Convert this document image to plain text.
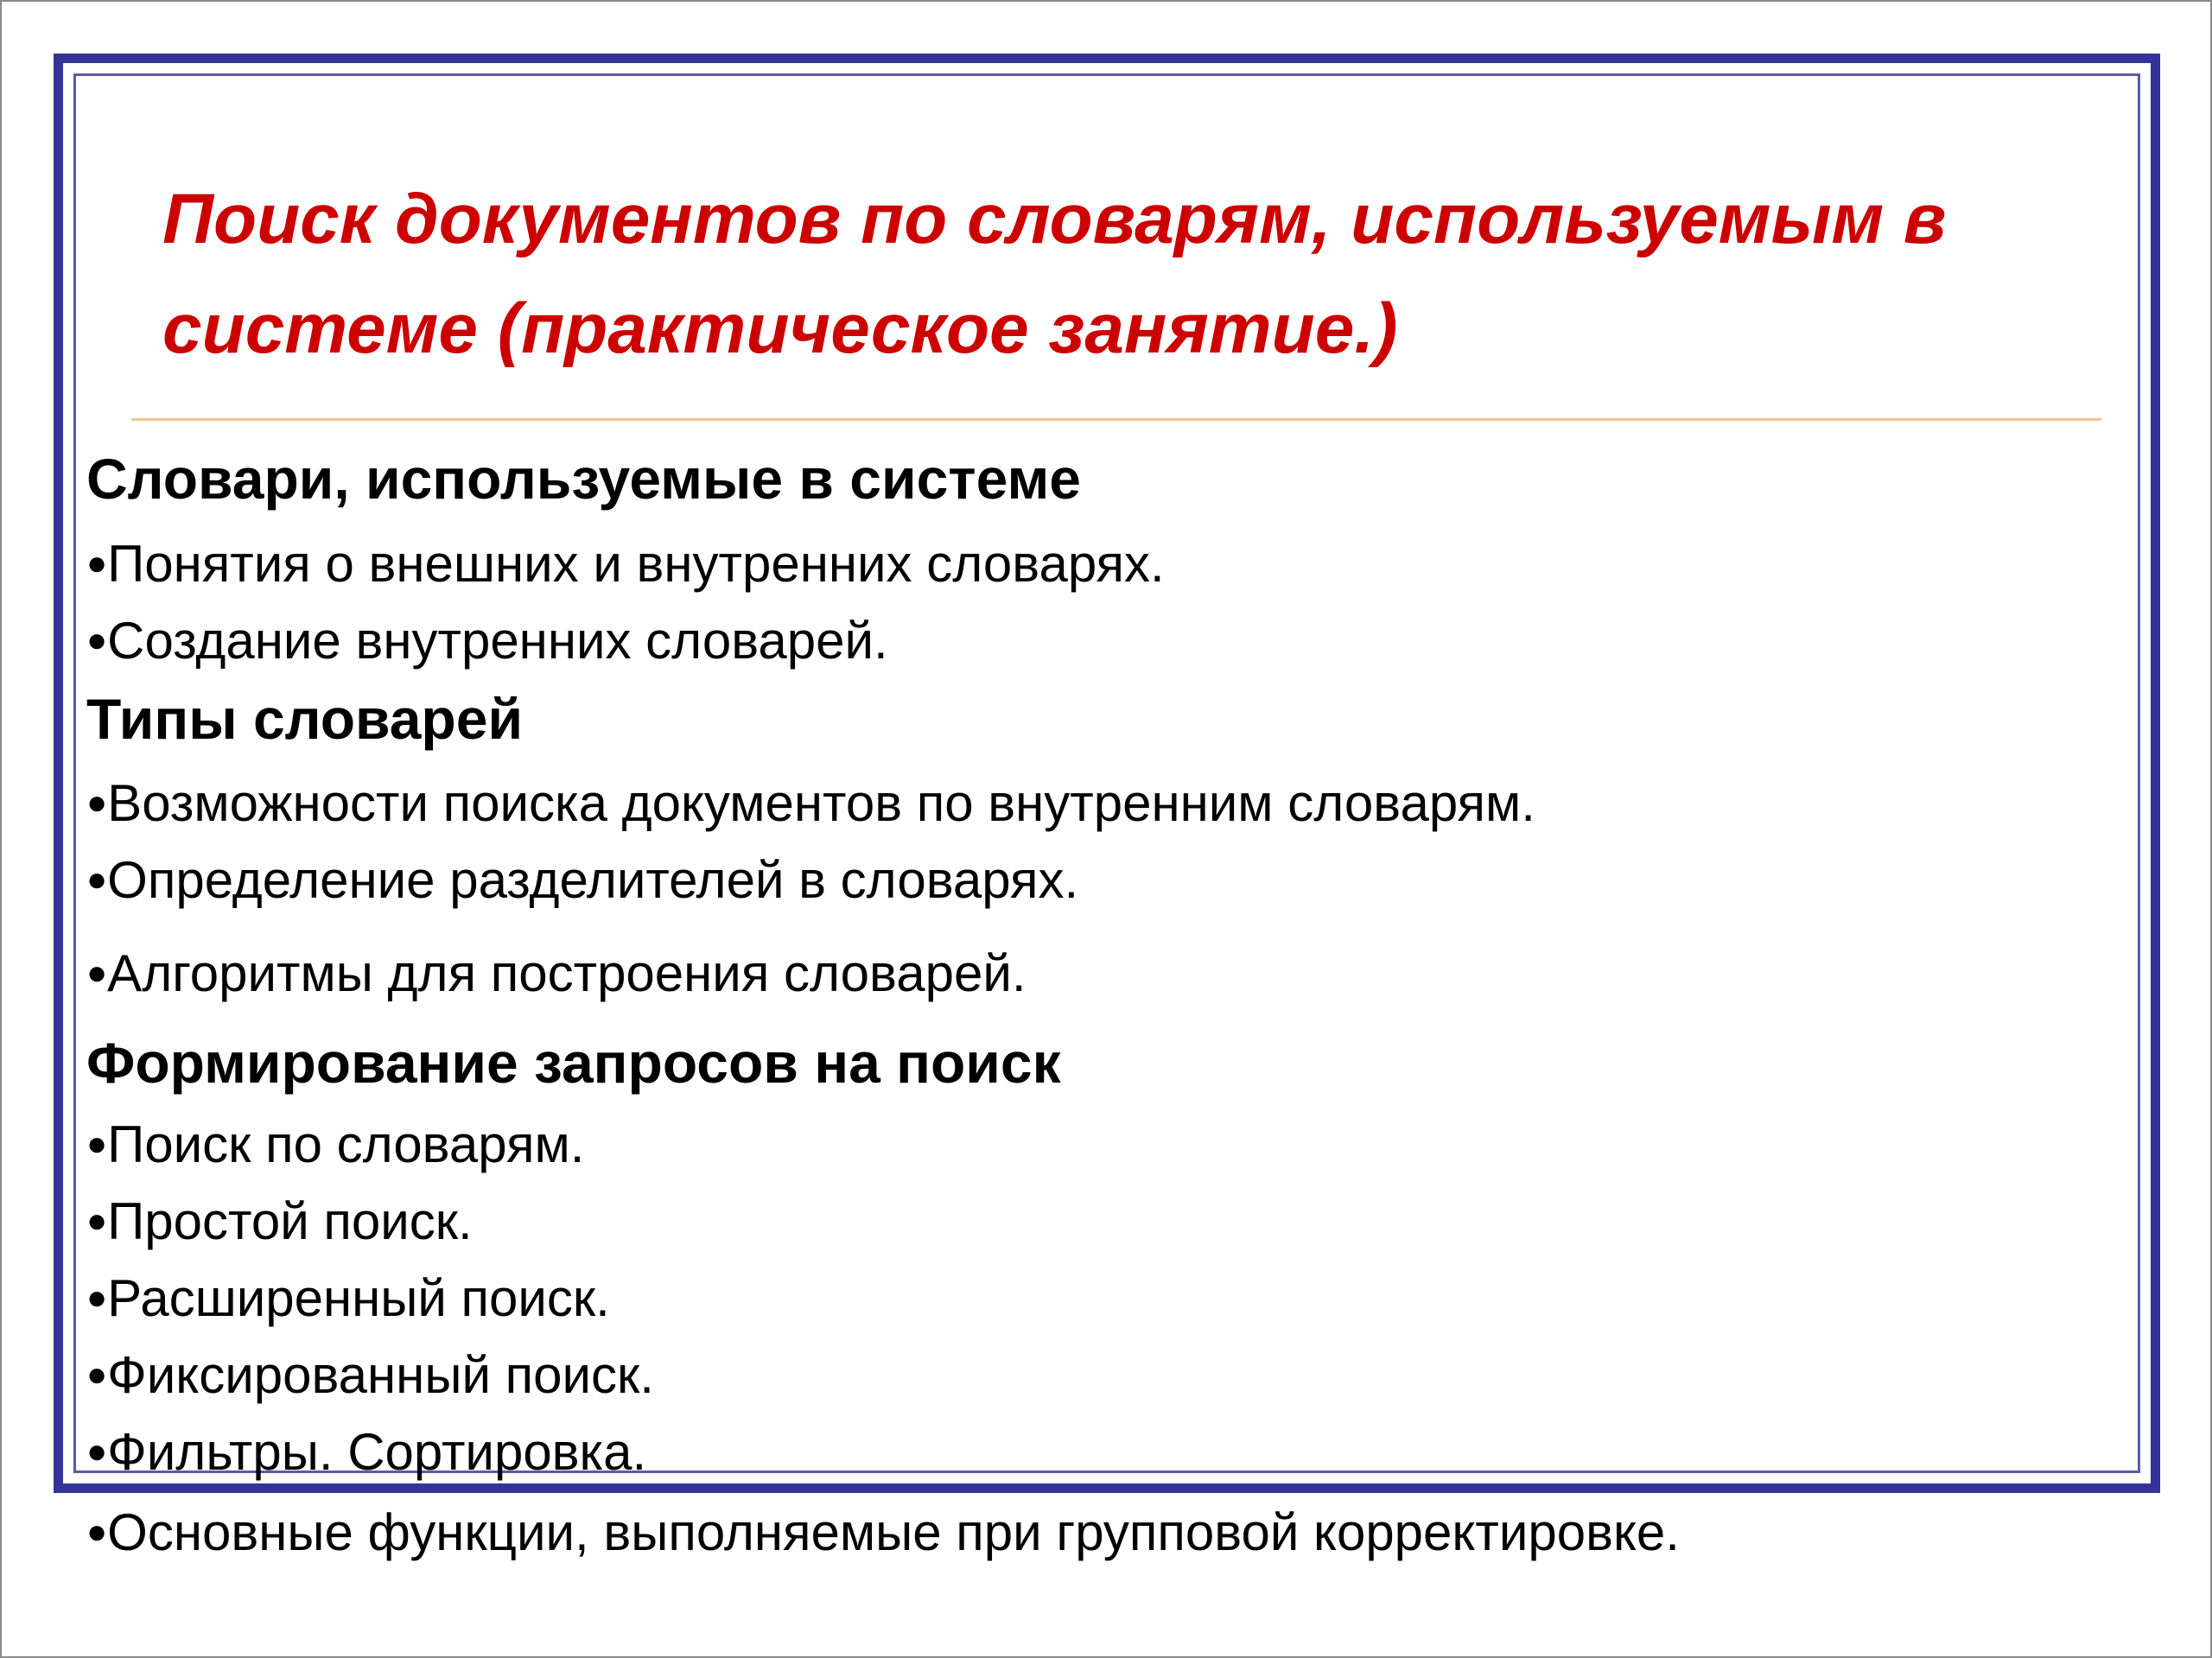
Поиск документов по словарям, используемым в системе (практическое занятие.)
Словари, используемые в системе
●Понятия о внешних и внутренних словарях.
●Создание внутренних словарей.
Типы словарей
●Возможности поиска документов по внутренним словарям.
●Определение разделителей в словарях.
●Алгоритмы для построения словарей.
Формирование запросов на поиск
●Поиск по словарям.
●Простой поиск.
●Расширенный поиск.
●Фиксированный поиск.
●Фильтры. Сортировка.
●Основные функции, выполняемые при групповой корректировке.
